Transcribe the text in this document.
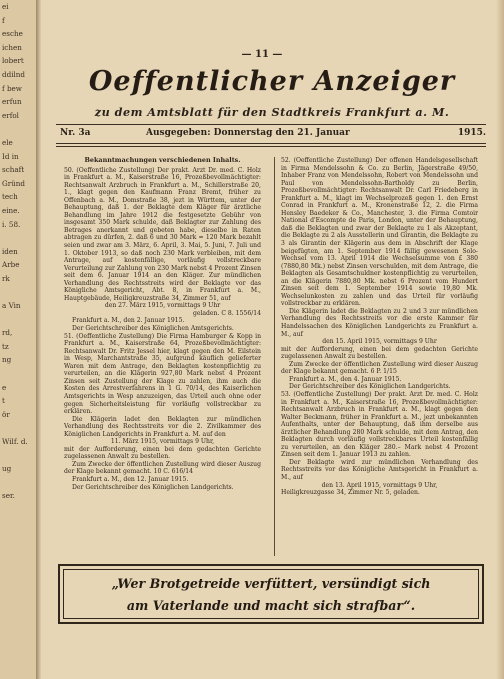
ei
f
esche
ichen
lobert
ddilnd
f bew
erfun
erfol

ele
Id in
schaft
Gründ
tech
eine.
i. 58.

iden
Arbe
rk

a Vin

rd,
tz
ng

e
t
ör

Wilf. d.

ug

ser.
— 11 —
Oeffentlicher Anzeiger
zu dem Amtsblatt für den Stadtkreis Frankfurt a. M.
Nr. 3a	Ausgegeben: Donnerstag den 21. Januar	1915.

Bekanntmachungen verschiedenen Inhalts.

50. (Oeffentliche Zustellung) Der prakt. Arzt Dr. med. C. Holz in Frankfurt a. M., Kaiserstraße 16, Prozeßbevollmächtigter: Rechtsanwalt Arzbruch in Frankfurt a. M., Schillerstraße 20, 1., klagt gegen den Kaufmann Franz Bremt, früher zu Offenbach a. M., Domstraße 38, jezt in Württem, unter der Behauptung, daß 1. der Beklagte dem Kläger für ärztliche Behandlung im Jahre 1912 die festgesetzte Gebühr von insgesamt 350 Mark schulde, daß Beklagter zur Zahlung des Betrages anerkannt und gebeten habe, dieselbe in Raten abtragen zu dürfen, 2. daß 6 und 30 Mark = 120 Mark bezahlt seien und zwar am 3. März, 6. April, 3. Mai, 5. Juni, 7. Juli und 1. Oktober 1913, so daß noch 230 Mark verbleiben, mit dem Antrage, auf kostenfällige, vorläufig vollstreckbare Verurteilung zur Zahlung von 230 Mark nebst 4 Prozent Zinsen seit dem 6. Januar 1914 an den Kläger. Zur mündlichen Verhandlung des Rechtsstreits wird der Beklagte vor das Königliche Amtsgericht, Abt. 8, in Frankfurt a. M., Hauptgebäude, Heiligkreuzstraße 34, Zimmer 51, auf

den 27. März 1915, vormittags 9 Uhr

geladen. C 8. 1556/14

Frankfurt a. M., den 2. Januar 1915.

Der Gerichtschreiber des Königlichen Amtsgerichts.

51. (Oeffentliche Zustellung) Die Firma Hamburger & Kopp in Frankfurt a. M., Kaiserstraße 64, Prozeßbevollmächtigter: Rechtsanwalt Dr. Fritz Jessel hier, klagt gegen den M. Eilstein in Wesp, Marchantstraße 35, aufgrund käuflich gelieferter Waren mit dem Antrage, den Beklagten kostenpflichtig zu verurteilen, an die Klägerin 927,80 Mark nebst 4 Prozent Zinsen seit Zustellung der Klage zu zahlen, ihm auch die Kosten des Arrestverfahrens in 1 G. 70/14, des Kaiserlichen Amtsgerichts in Wesp anzuzeigen, das Urteil auch ohne oder gegen Sicherheitsleistung für vorläufig vollstreckbar zu erklären.

Die Klägerin ladet den Beklagten zur mündlichen Verhandlung des Rechtsstreits vor die 2. Zivilkammer des Königlichen Landgerichts in Frankfurt a. M. auf den

11. März 1915, vormittags 9 Uhr,

mit der Aufforderung, einen bei dem gedachten Gerichte zugelassenen Anwalt zu bestellen.

Zum Zwecke der öffentlichen Zustellung wird dieser Auszug der Klage bekannt gemacht. 10 C. 616/14

Frankfurt a. M., den 12. Januar 1915.

Der Gerichtschreiber des Königlichen Landgerichts.

52. (Oeffentliche Zustellung) Der offenen Handelsgesellschaft in Firma Mendelssohn & Co. zu Berlin, Jägerstraße 49/50, Inhaber Franz von Mendelssohn, Robert von Mendelssohn und Paul von Mendelssohn-Bartholdy zu Berlin, Prozeßbevollmächtigter: Rechtsanwalt Dr. Carl Friedeberg in Frankfurt a. M., klagt im Wechselprozeß gegen 1. den Ernst Conrad in Frankfurt a. M., Kronenstraße 12, 2. die Firma Hensley Baedeker & Co., Manchester, 3. die Firma Comtoir National d'Escompte de Paris, London, unter der Behauptung, daß die Beklagten und zwar der Beklagte zu 1 als Akzeptant, die Beklagte zu 2 als Ausstellerin und Girantin, die Beklagte zu 3 als Girantin der Klägerin aus dem in Abschrift der Klage beigefügten, am 1. September 1914 fällig gewesenen Solo-Wechsel vom 13. April 1914 die Wechselsumme von £ 380 (7880,80 Mk.) nebst Zinsen verschulden, mit dem Antrage, die Beklagten als Gesamtschuldner kostenpflichtig zu verurteilen, an die Klägerin 7880,80 Mk. nebst 6 Prozent vom Hundert Zinsen seit dem 1. September 1914 sowie 19,80 Mk. Wechselunkosten zu zahlen und das Urteil für vorläufig vollstreckbar zu erklären.

Die Klägerin ladet die Beklagten zu 2 und 3 zur mündlichen Verhandlung des Rechtsstreits vor die erste Kammer für Handelssachen des Königlichen Landgerichts zu Frankfurt a. M., auf

den 15. April 1915, vormittags 9 Uhr

mit der Aufforderung, einen bei dem gedachten Gerichte zugelassenen Anwalt zu bestellen.

Zum Zwecke der öffentlichen Zustellung wird dieser Auszug der Klage bekannt gemacht. 6 P. 1/15

Frankfurt a. M., den 4. Januar 1915.

Der Gerichtschreiber des Königlichen Landgerichts.

53. (Oeffentliche Zustellung) Der prakt. Arzt Dr. med. C. Holz in Frankfurt a. M., Kaiserstraße 16, Prozeßbevollmächtigter: Rechtsanwalt Arzbruch in Frankfurt a. M., klagt gegen den Walter Beckmann, früher in Frankfurt a. M., jezt unbekannten Aufenthalts, unter der Behauptung, daß ihm derselbe aus ärztlicher Behandlung 280 Mark schulde, mit dem Antrag, den Beklagten durch vorläufig vollstreckbares Urteil kostenfällig zu verurteilen, an den Kläger 280.– Mark nebst 4 Prozent Zinsen seit dem 1. Januar 1913 zu zahlen.

Der Beklagte wird zur mündlichen Verhandlung des Rechtsstreits vor das Königliche Amtsgericht in Frankfurt a. M., auf

den 13. April 1915, vormittags 9 Uhr,

Heiligkreuzgasse 34, Zimmer Nr. 5, geladen.

„Wer Brotgetreide verfüttert, versündigt sich
am Vaterlande und macht sich strafbar“.
